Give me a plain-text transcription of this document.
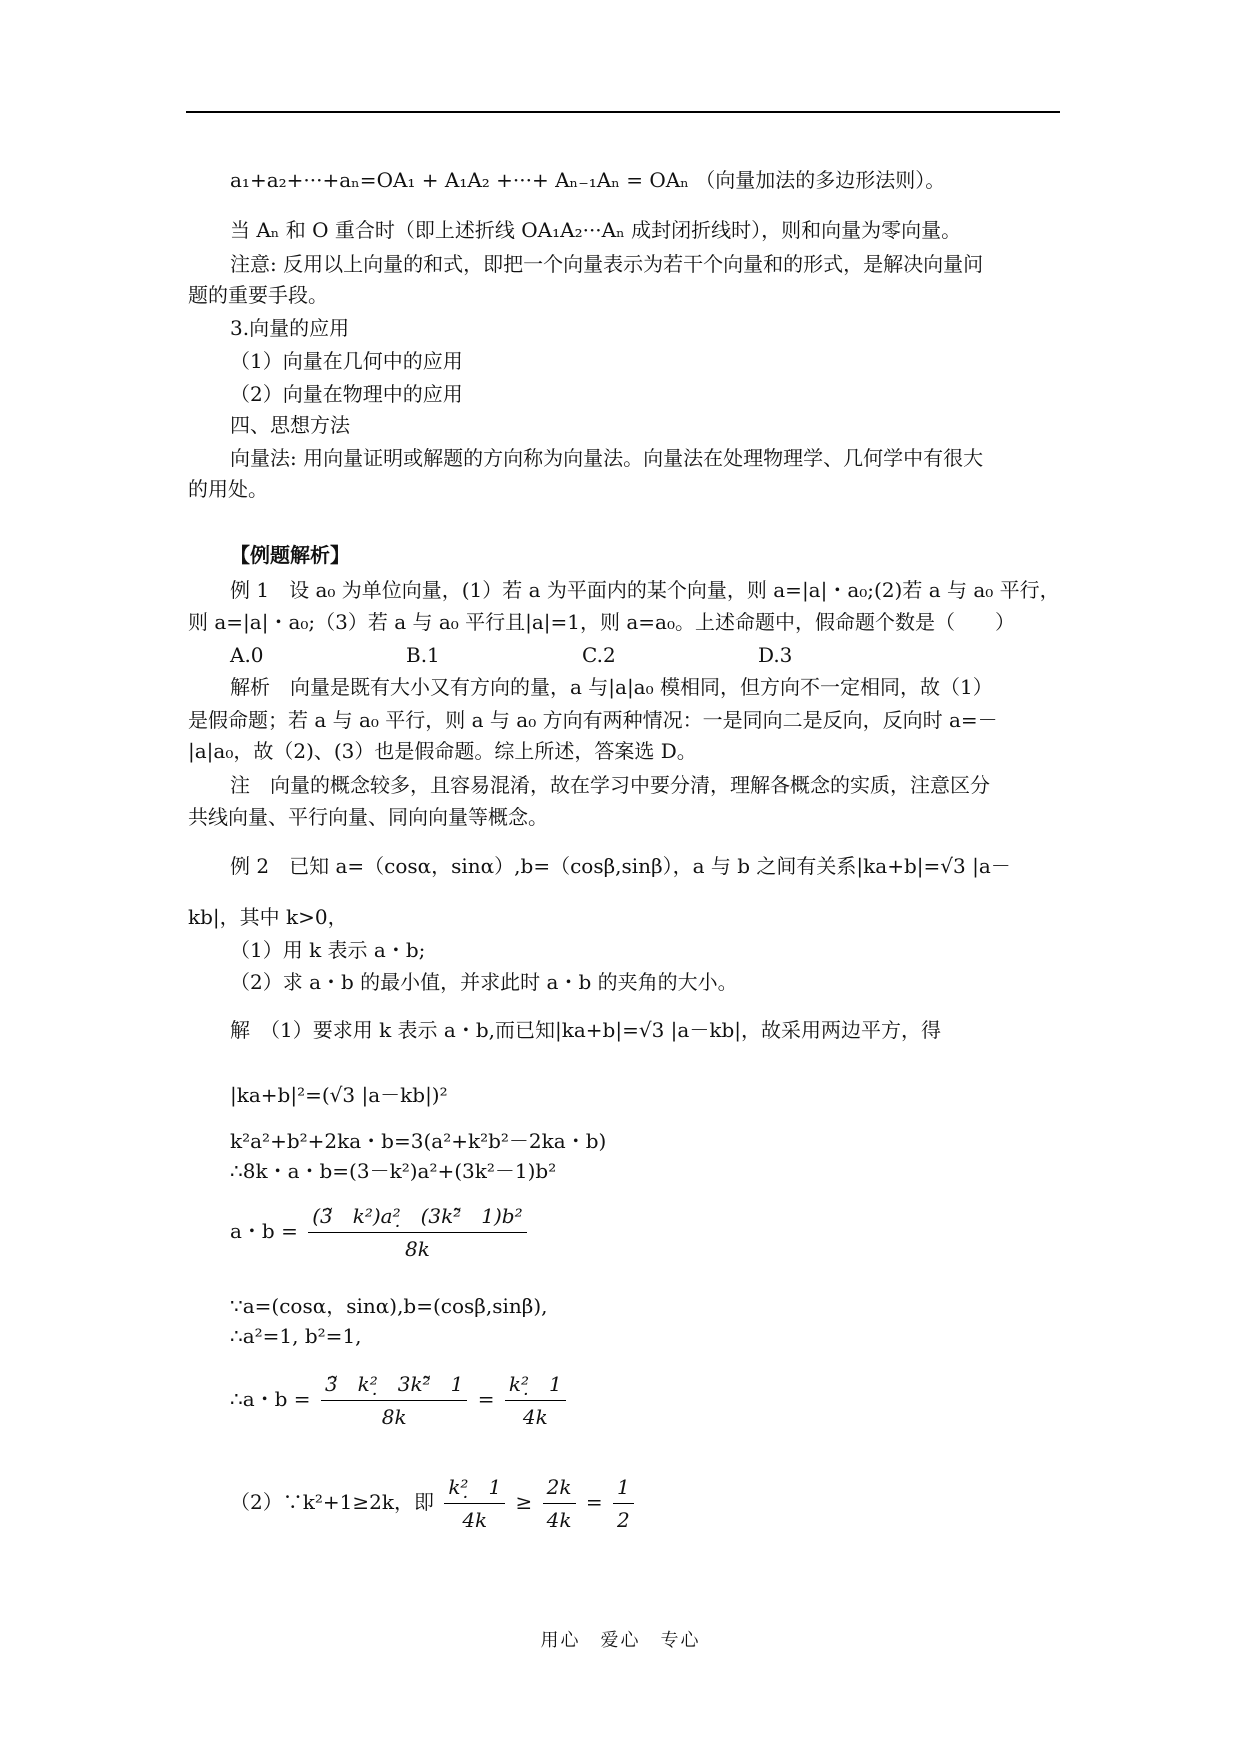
a₁+a₂+···+aₙ=OA₁ + A₁A₂ +···+ Aₙ₋₁Aₙ = OAₙ （向量加法的多边形法则）。
当 Aₙ 和 O 重合时（即上述折线 OA₁A₂···Aₙ 成封闭折线时），则和向量为零向量。
注意: 反用以上向量的和式，即把一个向量表示为若干个向量和的形式，是解决向量问
题的重要手段。
3.向量的应用
（1）向量在几何中的应用
（2）向量在物理中的应用
四、思想方法
向量法: 用向量证明或解题的方向称为向量法。向量法在处理物理学、几何学中有很大
的用处。
【例题解析】
例 1　设 a₀ 为单位向量，(1）若 a 为平面内的某个向量，则 a=|a|・a₀;(2)若 a 与 a₀ 平行，
则 a=|a|・a₀;（3）若 a 与 a₀ 平行且|a|=1，则 a=a₀。上述命题中，假命题个数是（　　）
A.0	B.1	C.2	D.3
解析　向量是既有大小又有方向的量，a 与|a|a₀ 模相同，但方向不一定相同，故（1）
是假命题；若 a 与 a₀ 平行，则 a 与 a₀ 方向有两种情况：一是同向二是反向，反向时 a=－
|a|a₀，故（2)、(3）也是假命题。综上所述，答案选 D。
注　向量的概念较多，且容易混淆，故在学习中要分清，理解各概念的实质，注意区分
共线向量、平行向量、同向向量等概念。
例 2　已知 a=（cosα，sinα）,b=（cosβ,sinβ），a 与 b 之间有关系|ka+b|=√3 |a－
kb|，其中 k>0，
（1）用 k 表示 a・b;
（2）求 a・b 的最小值，并求此时 a・b 的夹角的大小。
解　（1）要求用 k 表示 a・b,而已知|ka+b|=√3 |a－kb|，故采用两边平方，得
|ka+b|²=(√3 |a－kb|)²
k²a²+b²+2ka・b=3(a²+k²b²－2ka・b)
∴8k・a・b=(3－k²)a²+(3k²－1)b²
a・$b = \frac{\text{(3̃　k²)a²̣　(3k²̃　1)b²}}{8k}$
∵a=(cosα，sinα),b=(cosβ,sinβ),
∴a²=1, b²=1,
∴a・$b = \frac{\text{3̃　k²̣　3k²̃　1}}{8k} = \frac{\text{k²̣　1}}{4k}$
（2）∵k²+1≥2k，即 $\frac{\text{k²̣　1}}{4k} \ge \frac{2k}{4k} = \frac{1}{2}$
用心　爱心　专心
